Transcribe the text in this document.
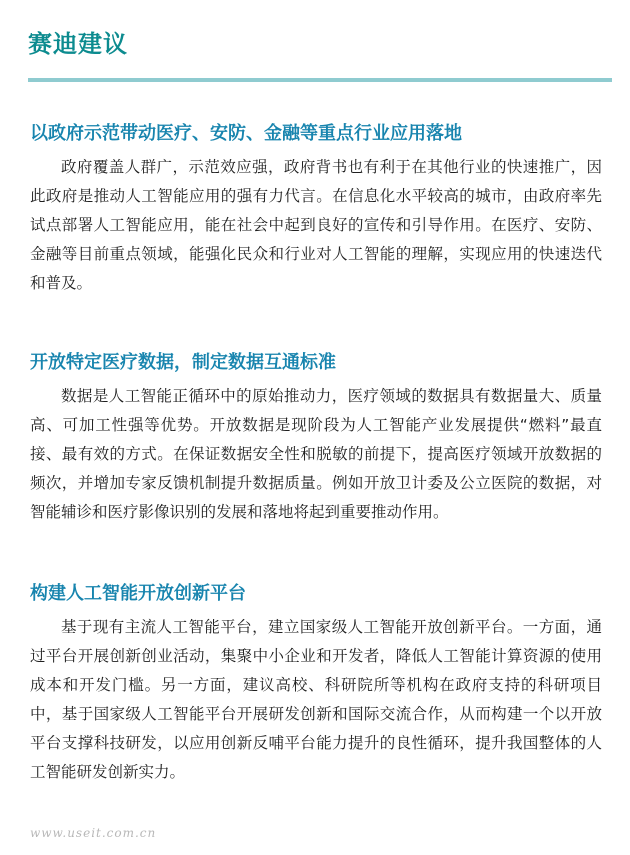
赛迪建议
以政府示范带动医疗、安防、金融等重点行业应用落地

政府覆盖人群广，示范效应强，政府背书也有利于在其他行业的快速推广，因此政府是推动人工智能应用的强有力代言。在信息化水平较高的城市，由政府率先试点部署人工智能应用，能在社会中起到良好的宣传和引导作用。在医疗、安防、金融等目前重点领域，能强化民众和行业对人工智能的理解，实现应用的快速迭代和普及。

开放特定医疗数据，制定数据互通标准

数据是人工智能正循环中的原始推动力，医疗领域的数据具有数据量大、质量高、可加工性强等优势。开放数据是现阶段为人工智能产业发展提供“燃料”最直接、最有效的方式。在保证数据安全性和脱敏的前提下，提高医疗领域开放数据的频次，并增加专家反馈机制提升数据质量。例如开放卫计委及公立医院的数据，对智能辅诊和医疗影像识别的发展和落地将起到重要推动作用。

构建人工智能开放创新平台

基于现有主流人工智能平台，建立国家级人工智能开放创新平台。一方面，通过平台开展创新创业活动，集聚中小企业和开发者，降低人工智能计算资源的使用成本和开发门槛。另一方面，建议高校、科研院所等机构在政府支持的科研项目中，基于国家级人工智能平台开展研发创新和国际交流合作，从而构建一个以开放平台支撑科技研发，以应用创新反哺平台能力提升的良性循环，提升我国整体的人工智能研发创新实力。

www.useit.com.cn
